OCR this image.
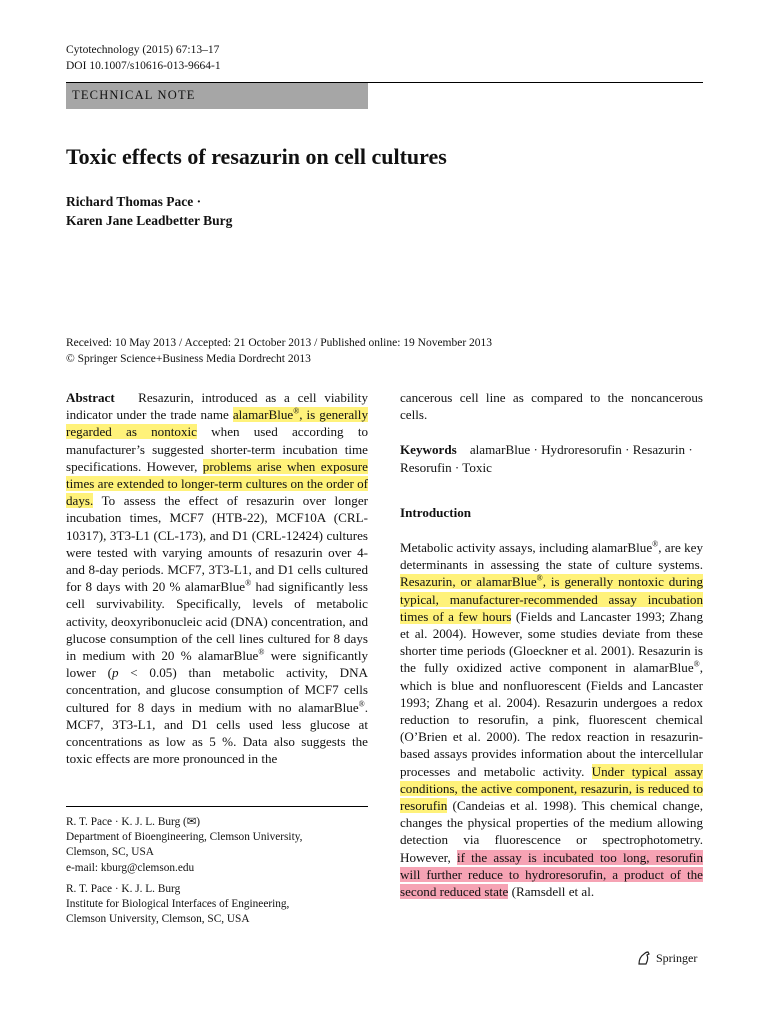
Cytotechnology (2015) 67:13–17
DOI 10.1007/s10616-013-9664-1
TECHNICAL NOTE
Toxic effects of resazurin on cell cultures
Richard Thomas Pace ·
Karen Jane Leadbetter Burg
Received: 10 May 2013 / Accepted: 21 October 2013 / Published online: 19 November 2013
© Springer Science+Business Media Dordrecht 2013

Abstract Resazurin, introduced as a cell viability indicator under the trade name alamarBlue®, is generally regarded as nontoxic when used according to manufacturer’s suggested shorter-term incubation time specifications. However, problems arise when exposure times are extended to longer-term cultures on the order of days. To assess the effect of resazurin over longer incubation times, MCF7 (HTB-22), MCF10A (CRL-10317), 3T3-L1 (CL-173), and D1 (CRL-12424) cultures were tested with varying amounts of resazurin over 4- and 8-day periods. MCF7, 3T3-L1, and D1 cells cultured for 8 days with 20 % alamarBlue® had significantly less cell survivability. Specifically, levels of metabolic activity, deoxyribonucleic acid (DNA) concentration, and glucose consumption of the cell lines cultured for 8 days in medium with 20 % alamarBlue® were significantly lower (p < 0.05) than metabolic activity, DNA concentration, and glucose consumption of MCF7 cells cultured for 8 days in medium with no alamarBlue®. MCF7, 3T3-L1, and D1 cells used less glucose at concentrations as low as 5 %. Data also suggests the toxic effects are more pronounced in the

R. T. Pace · K. J. L. Burg (✉)
Department of Bioengineering, Clemson University,
Clemson, SC, USA
e-mail: kburg@clemson.edu
R. T. Pace · K. J. L. Burg
Institute for Biological Interfaces of Engineering,
Clemson University, Clemson, SC, USA

cancerous cell line as compared to the noncancerous cells.

Keywords alamarBlue · Hydroresorufin · Resazurin · Resorufin · Toxic

Introduction

Metabolic activity assays, including alamarBlue®, are key determinants in assessing the state of culture systems. Resazurin, or alamarBlue®, is generally nontoxic during typical, manufacturer-recommended assay incubation times of a few hours (Fields and Lancaster 1993; Zhang et al. 2004). However, some studies deviate from these shorter time periods (Gloeckner et al. 2001). Resazurin is the fully oxidized active component in alamarBlue®, which is blue and nonfluorescent (Fields and Lancaster 1993; Zhang et al. 2004). Resazurin undergoes a redox reduction to resorufin, a pink, fluorescent chemical (O’Brien et al. 2000). The redox reaction in resazurin-based assays provides information about the intercellular processes and metabolic activity. Under typical assay conditions, the active component, resazurin, is reduced to resorufin (Candeias et al. 1998). This chemical change, changes the physical properties of the medium allowing detection via fluorescence or spectrophotometry. However, if the assay is incubated too long, resorufin will further reduce to hydroresorufin, a product of the second reduced state (Ramsdell et al.

Springer
